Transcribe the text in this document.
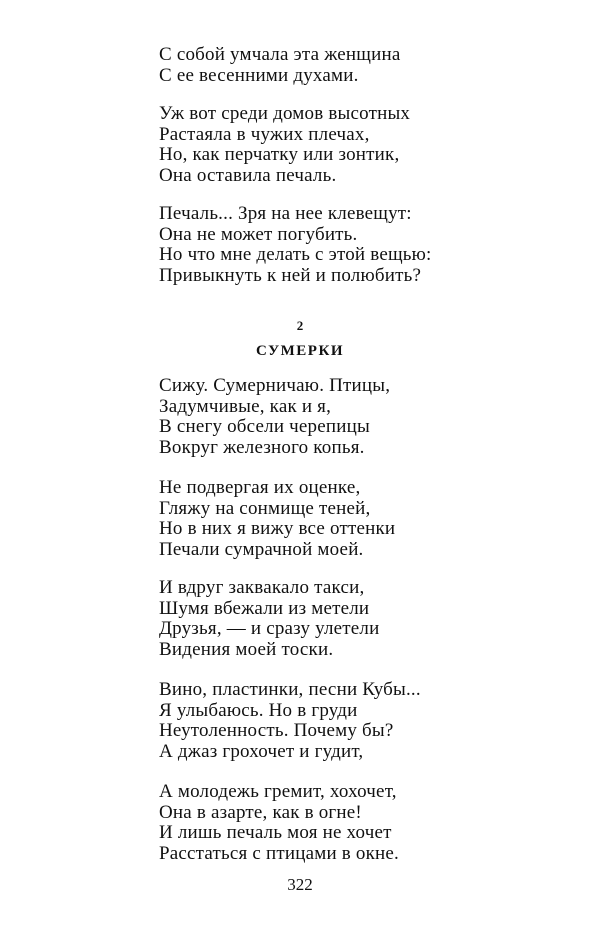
С собой умчала эта женщина
С ее весенними духами.
Уж вот среди домов высотных
Растаяла в чужих плечах,
Но, как перчатку или зонтик,
Она оставила печаль.
Печаль... Зря на нее клевещут:
Она не может погубить.
Но что мне делать с этой вещью:
Привыкнуть к ней и полюбить?
2
СУМЕРКИ
Сижу. Сумерничаю. Птицы,
Задумчивые, как и я,
В снегу обсели черепицы
Вокруг железного копья.
Не подвергая их оценке,
Гляжу на сонмище теней,
Но в них я вижу все оттенки
Печали сумрачной моей.
И вдруг заквакало такси,
Шумя вбежали из метели
Друзья, — и сразу улетели
Видения моей тоски.
Вино, пластинки, песни Кубы...
Я улыбаюсь. Но в груди
Неутоленность. Почему бы?
А джаз грохочет и гудит,
А молодежь гремит, хохочет,
Она в азарте, как в огне!
И лишь печаль моя не хочет
Расстаться с птицами в окне.
322
